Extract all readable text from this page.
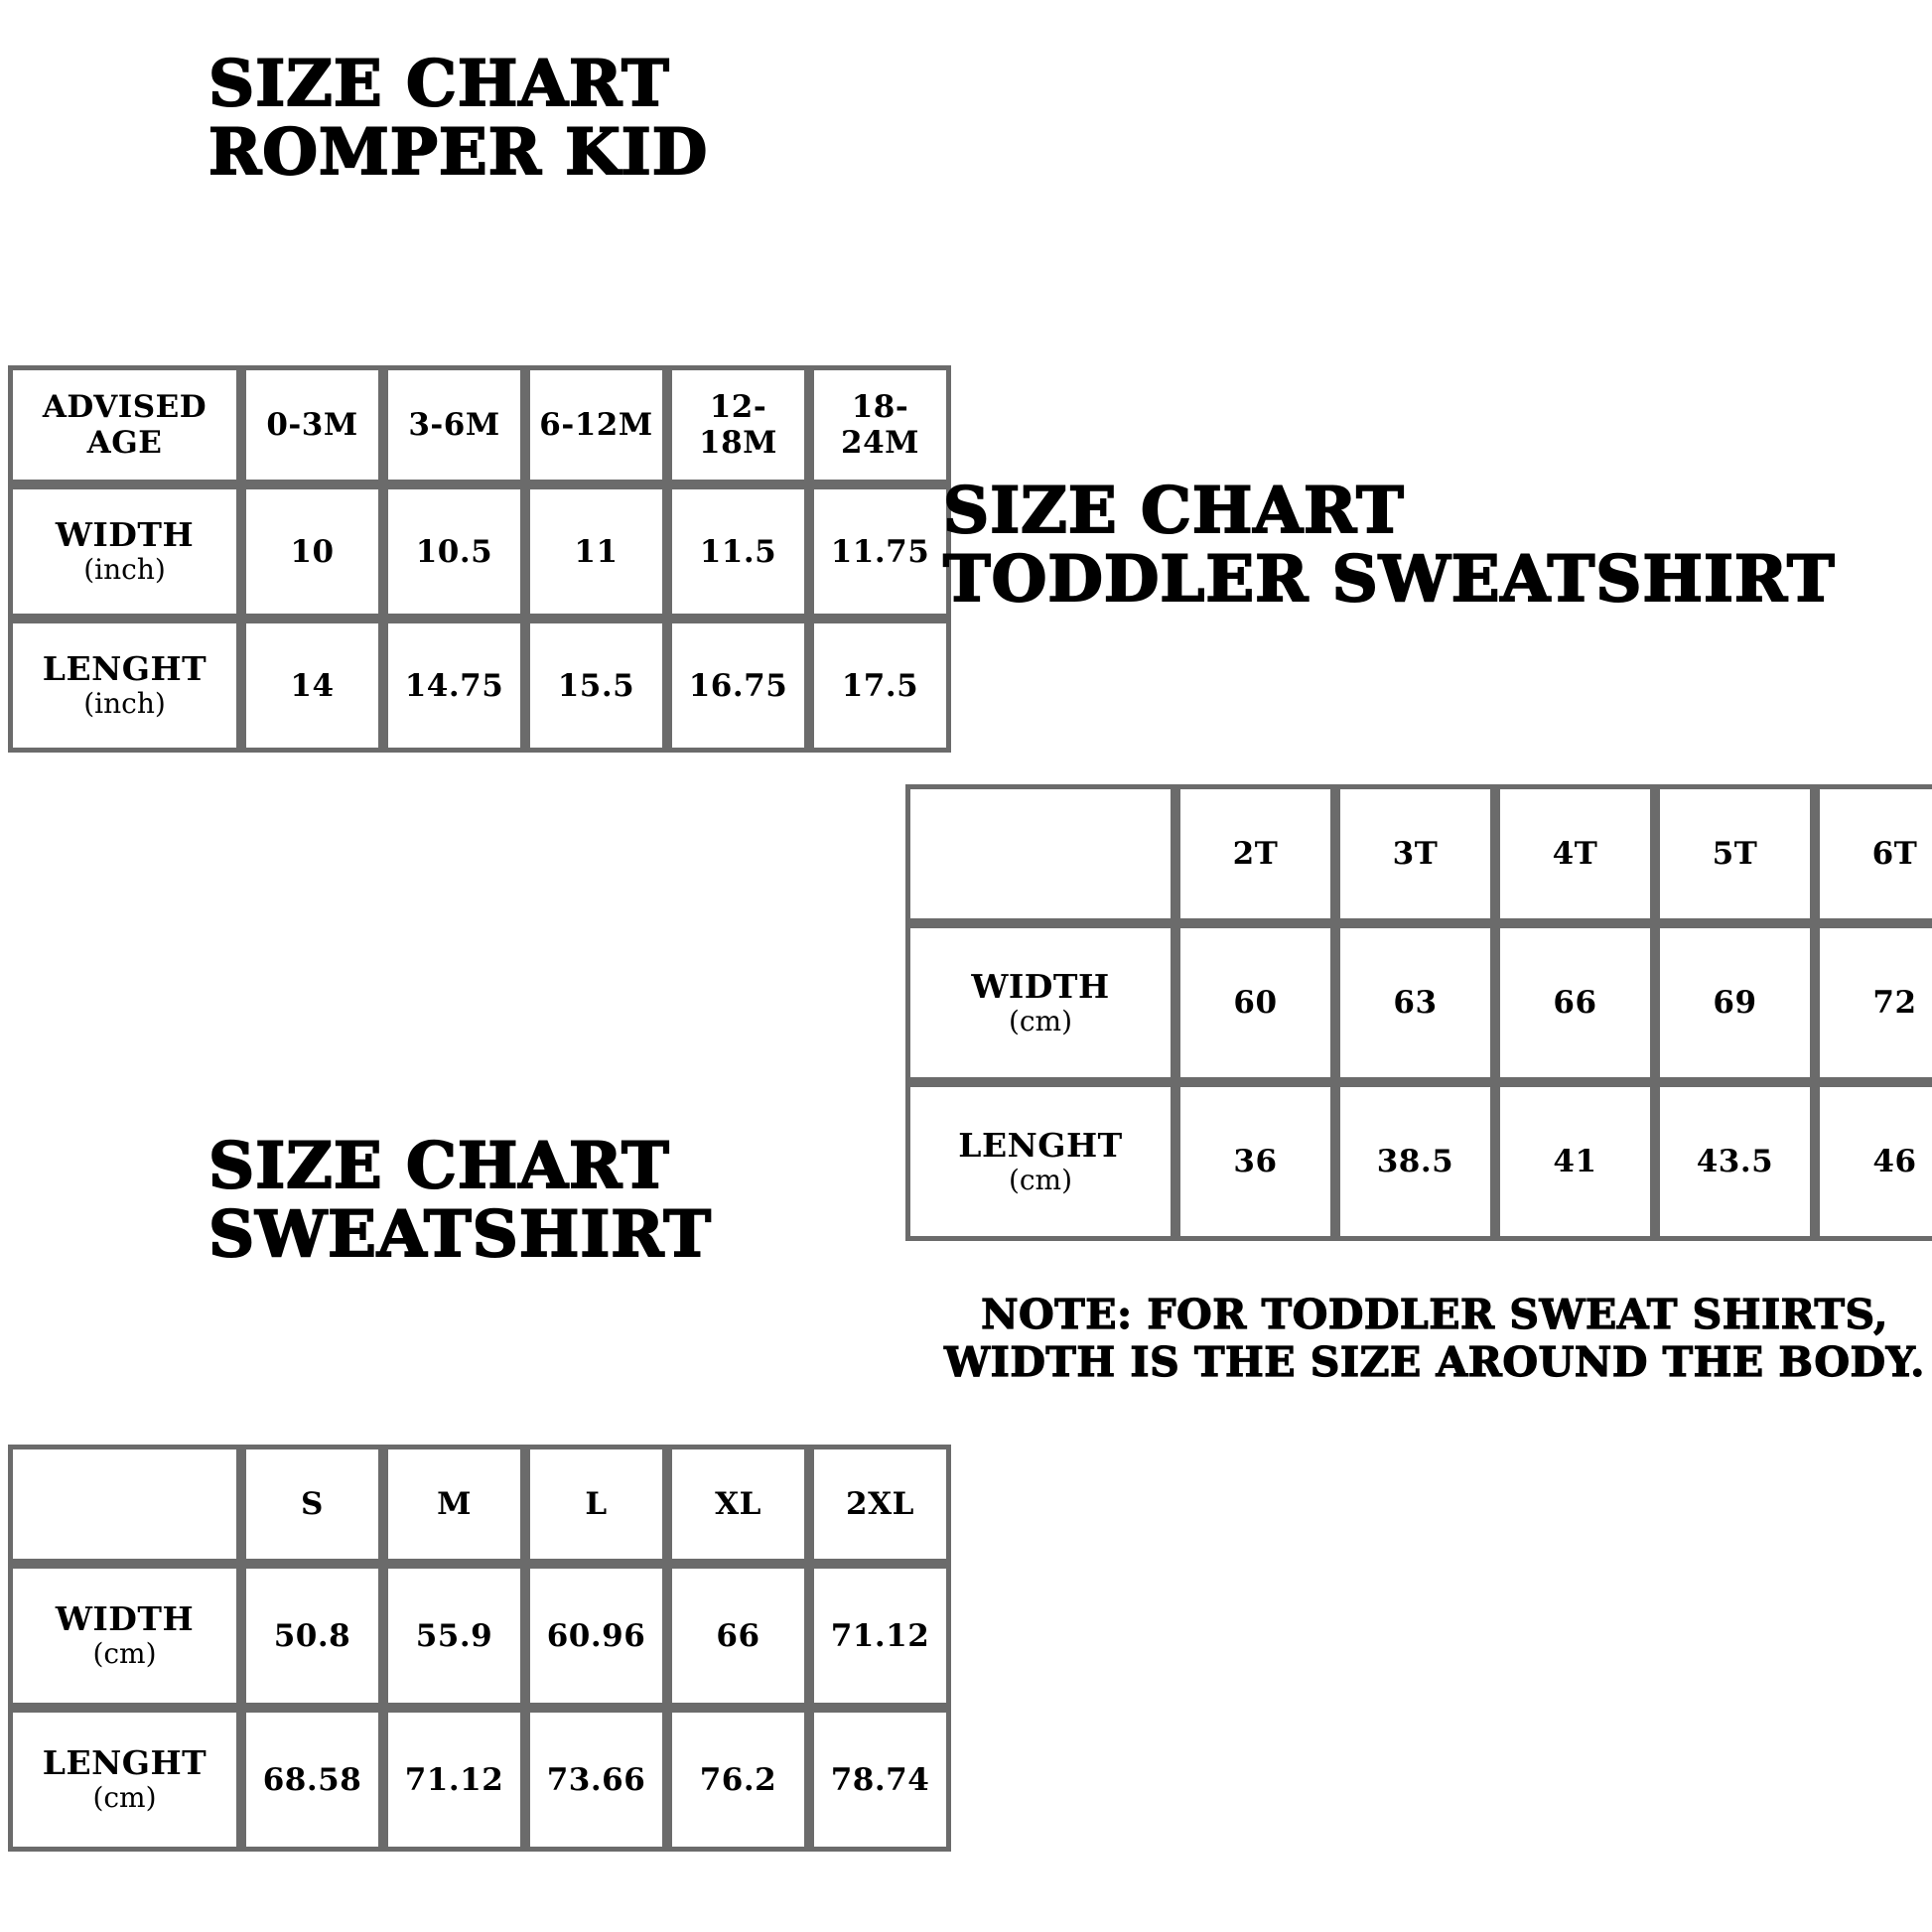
SIZE CHART
ROMPER KID
ADVISED AGE	0-3M	3-6M	6-12M	12-18M	18-24M
WIDTH
(inch)	10	10.5	11	11.5	11.75
LENGHT
(inch)	14	14.75	15.5	16.75	17.5
SIZE CHART
TODDLER SWEATSHIRT
	2T	3T	4T	5T	6T
WIDTH
(cm)	60	63	66	69	72
LENGHT
(cm)	36	38.5	41	43.5	46
NOTE: FOR TODDLER SWEAT SHIRTS,
WIDTH IS THE SIZE AROUND THE BODY.
SIZE CHART
SWEATSHIRT
	S	M	L	XL	2XL
WIDTH
(cm)	50.8	55.9	60.96	66	71.12
LENGHT
(cm)	68.58	71.12	73.66	76.2	78.74
